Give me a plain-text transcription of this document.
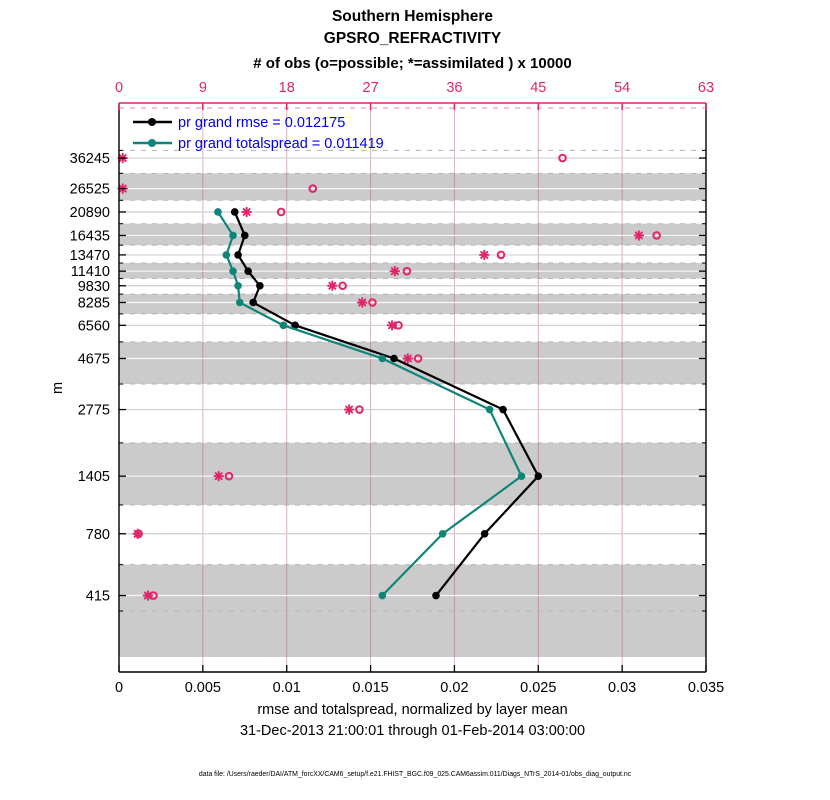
Southern Hemisphere
GPSRO_REFRACTIVITY
# of obs (o=possible; *=assimilated ) x 10000
m
0	9	18	27	36	45	54	63
0	0.005	0.01	0.015	0.02	0.025	0.03	0.035
36245
26525
20890
16435
13470
11410
9830
8285
6560
4675
2775
1405
780
415
pr grand rmse = 0.012175
pr grand totalspread = 0.011419
rmse and totalspread, normalized by layer mean
31-Dec-2013 21:00:01 through 01-Feb-2014 03:00:00
data file: /Users/raeder/DAI/ATM_forcXX/CAM6_setup/f.e21.FHIST_BGC.f09_025.CAM6assim.011/Diags_NTrS_2014-01/obs_diag_output.nc
